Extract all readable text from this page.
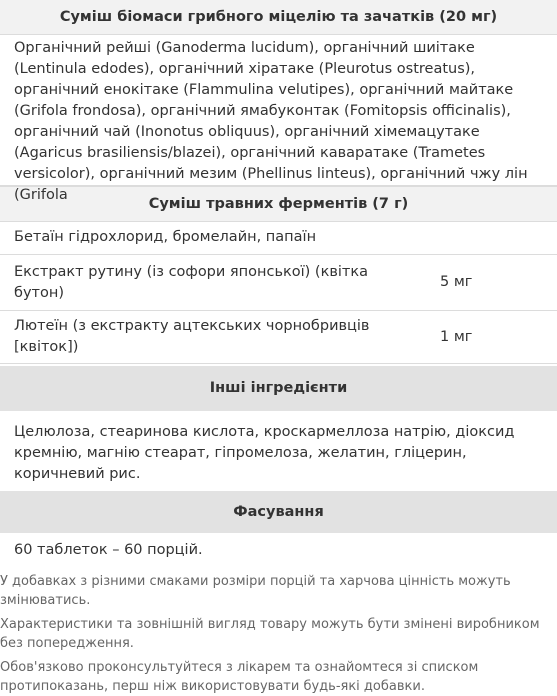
Суміш біомаси грибного міцелію та зачатків (20 мг)
Органічний рейші (Ganoderma lucidum), органічний шиітаке (Lentinula edodes), органічний хіратаке (Pleurotus ostreatus), органічний енокітаке (Flammulina velutipes), органічний майтаке (Grifola frondosa), органічний ямабуконтак (Fomitopsis officinalis), органічний чай (Inonotus obliquus), органічний хімемацутаке (Agaricus brasiliensis/blazei), органічний кавaратаке (Trametes versicolor), органічний мезим (Phellinus linteus), органічний чжу лін (Grifola
Суміш травних ферментів (7 г)
Бетаїн гідрохлорид, бромелайн, папаїн
Екстракт рутину (із софори японської) (квітка бутон)
5 мг
Лютеїн (з екстракту ацтекських чорнобривців [квіток])
1 мг
Інші інгредієнти
Целюлоза, стеаринова кислота, кроскармеллоза натрію, діоксид кремнію, магнію стеарат, гіпромелоза, желатин, гліцерин, коричневий рис.
Фасування
60 таблеток – 60 порцій.

У добавках з різними смаками розміри порцій та харчова цінність можуть змінюватись.

Характеристики та зовнішній вигляд товару можуть бути змінені виробником без попередження.

Обов'язково проконсультуйтеся з лікарем та ознайомтеся зі списком протипоказань, перш ніж використовувати будь-які добавки.
